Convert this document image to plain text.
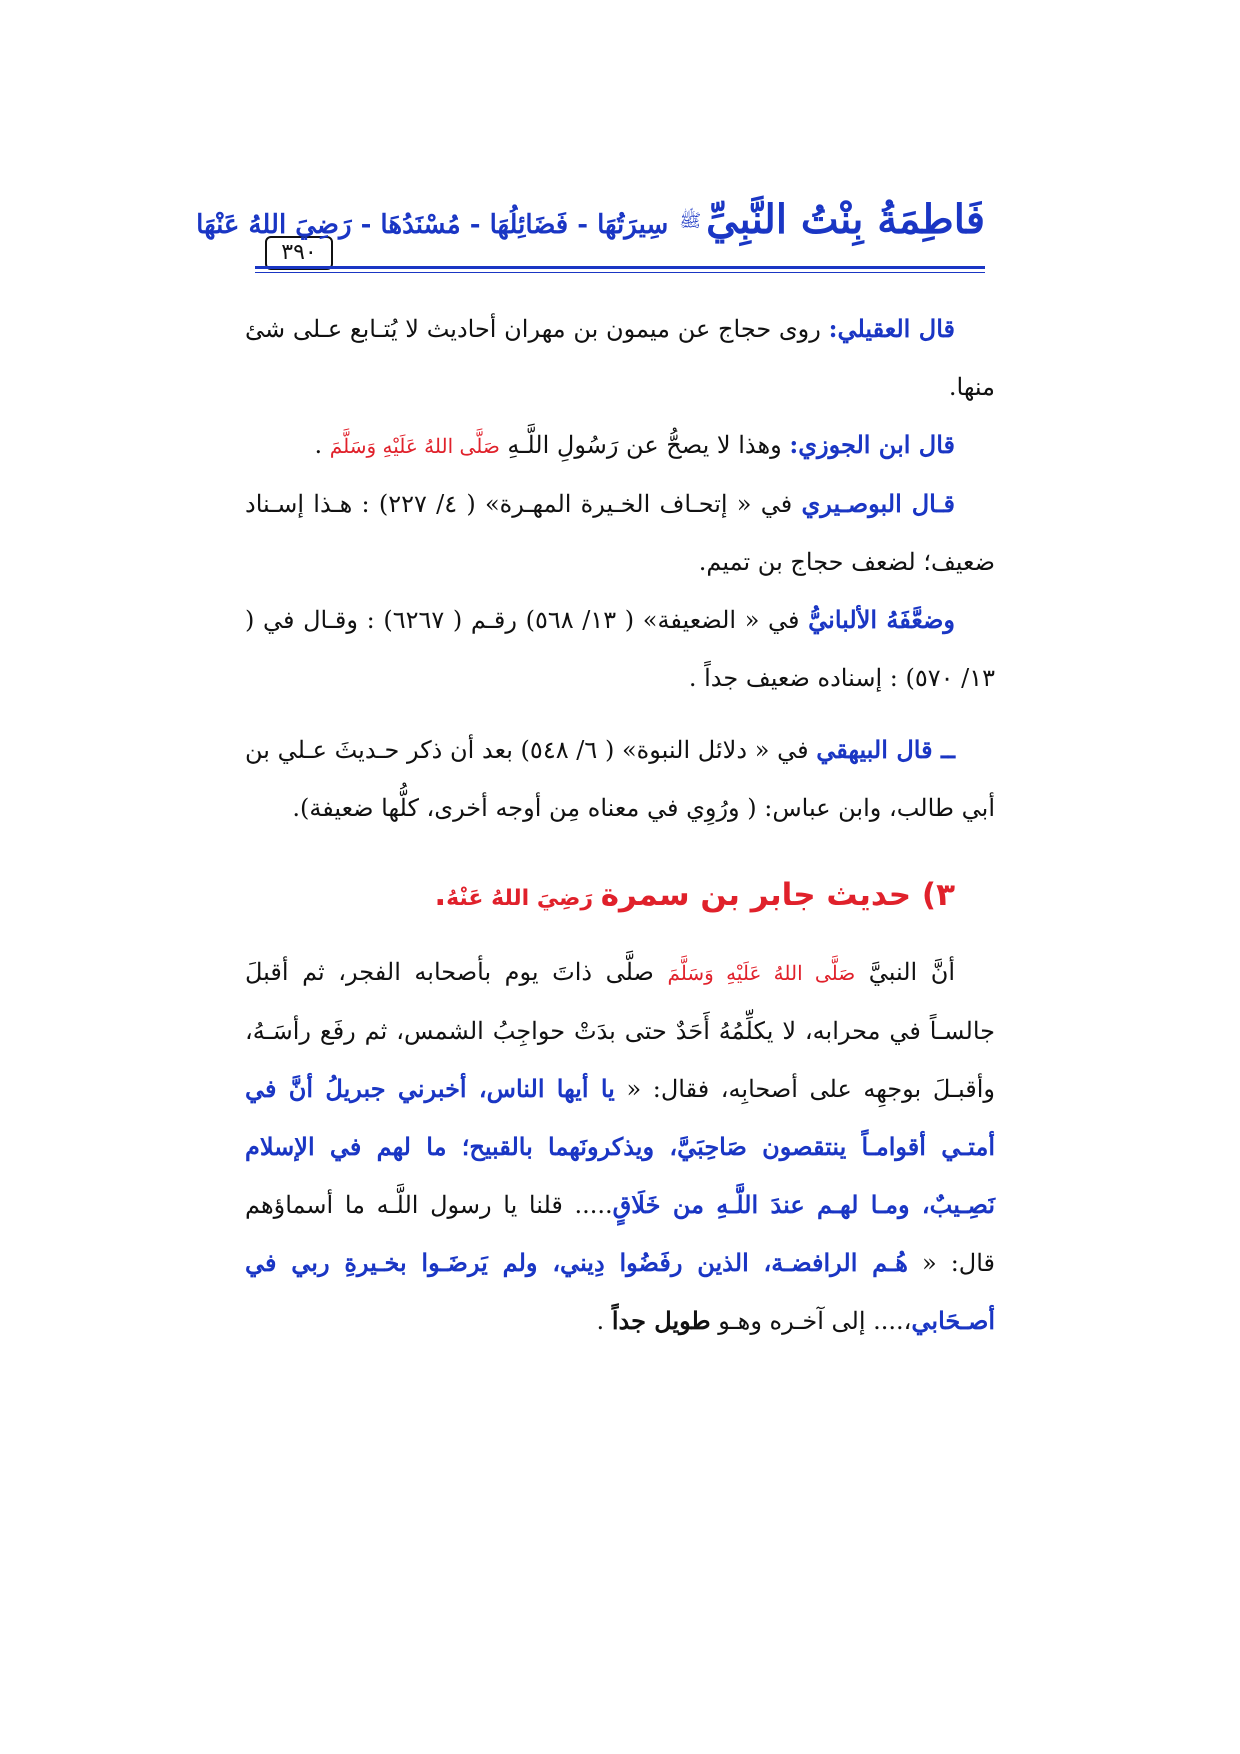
٣٩٠
فَاطِمَةُ بِنْتُ النَّبِيِّ ﷺ سِيرَتُهَا - فَضَائِلُهَا - مُسْنَدُهَا - رَضِيَ اللهُ عَنْهَا

قال العقيلي: روى حجاج عن ميمون بن مهران أحاديث لا يُتـابع عـلى شئ منها.

قال ابن الجوزي: وهذا لا يصحُّ عن رَسُولِ اللَّـهِ صَلَّى اللهُ عَلَيْهِ وَسَلَّمَ .

قـال البوصـيري في « إتحـاف الخـيرة المهـرة» ( ٤/ ٢٢٧) : هـذا إسـناد ضعيف؛ لضعف حجاج بن تميم.

وضعَّفَهُ الألبانيُّ في « الضعيفة» ( ١٣/ ٥٦٨) رقـم ( ٦٢٦٧) : وقـال في ( ١٣/ ٥٧٠) : إسناده ضعيف جداً .

ــ قال البيهقي في « دلائل النبوة» ( ٦/ ٥٤٨) بعد أن ذكر حـديثَ عـلي بن أبي طالب، وابن عباس: ( ورُوِي في معناه مِن أوجه أخرى، كلُّها ضعيفة).

٣) حديث جابر بن سمرة رَضِيَ اللهُ عَنْهُ.

أنَّ النبيَّ صَلَّى اللهُ عَلَيْهِ وَسَلَّمَ صلَّى ذاتَ يوم بأصحابه الفجر، ثم أقبلَ جالسـاً في محرابه، لا يكلِّمُهُ أَحَدٌ حتى بدَتْ حواجِبُ الشمس، ثم رفَع رأسَـهُ، وأقبـلَ بوجهِه على أصحابِه، فقال: « يا أيها الناس، أخبرني جبريلُ أنَّ في أمتـي أقوامـاً ينتقصون صَاحِبَيَّ، ويذكرونَهما بالقبيح؛ ما لهم في الإسلام نَصِـيبٌ، ومـا لهـم عندَ اللَّـهِ من خَلَاقٍ..... قلنا يا رسول اللَّـه ما أسماؤهم قال: « هُـم الرافضـة، الذين رفَضُوا دِيني، ولم يَرضَـوا بخـيرةِ ربي في أصـحَابي،.... إلى آخـره وهـو طويل جداً .
